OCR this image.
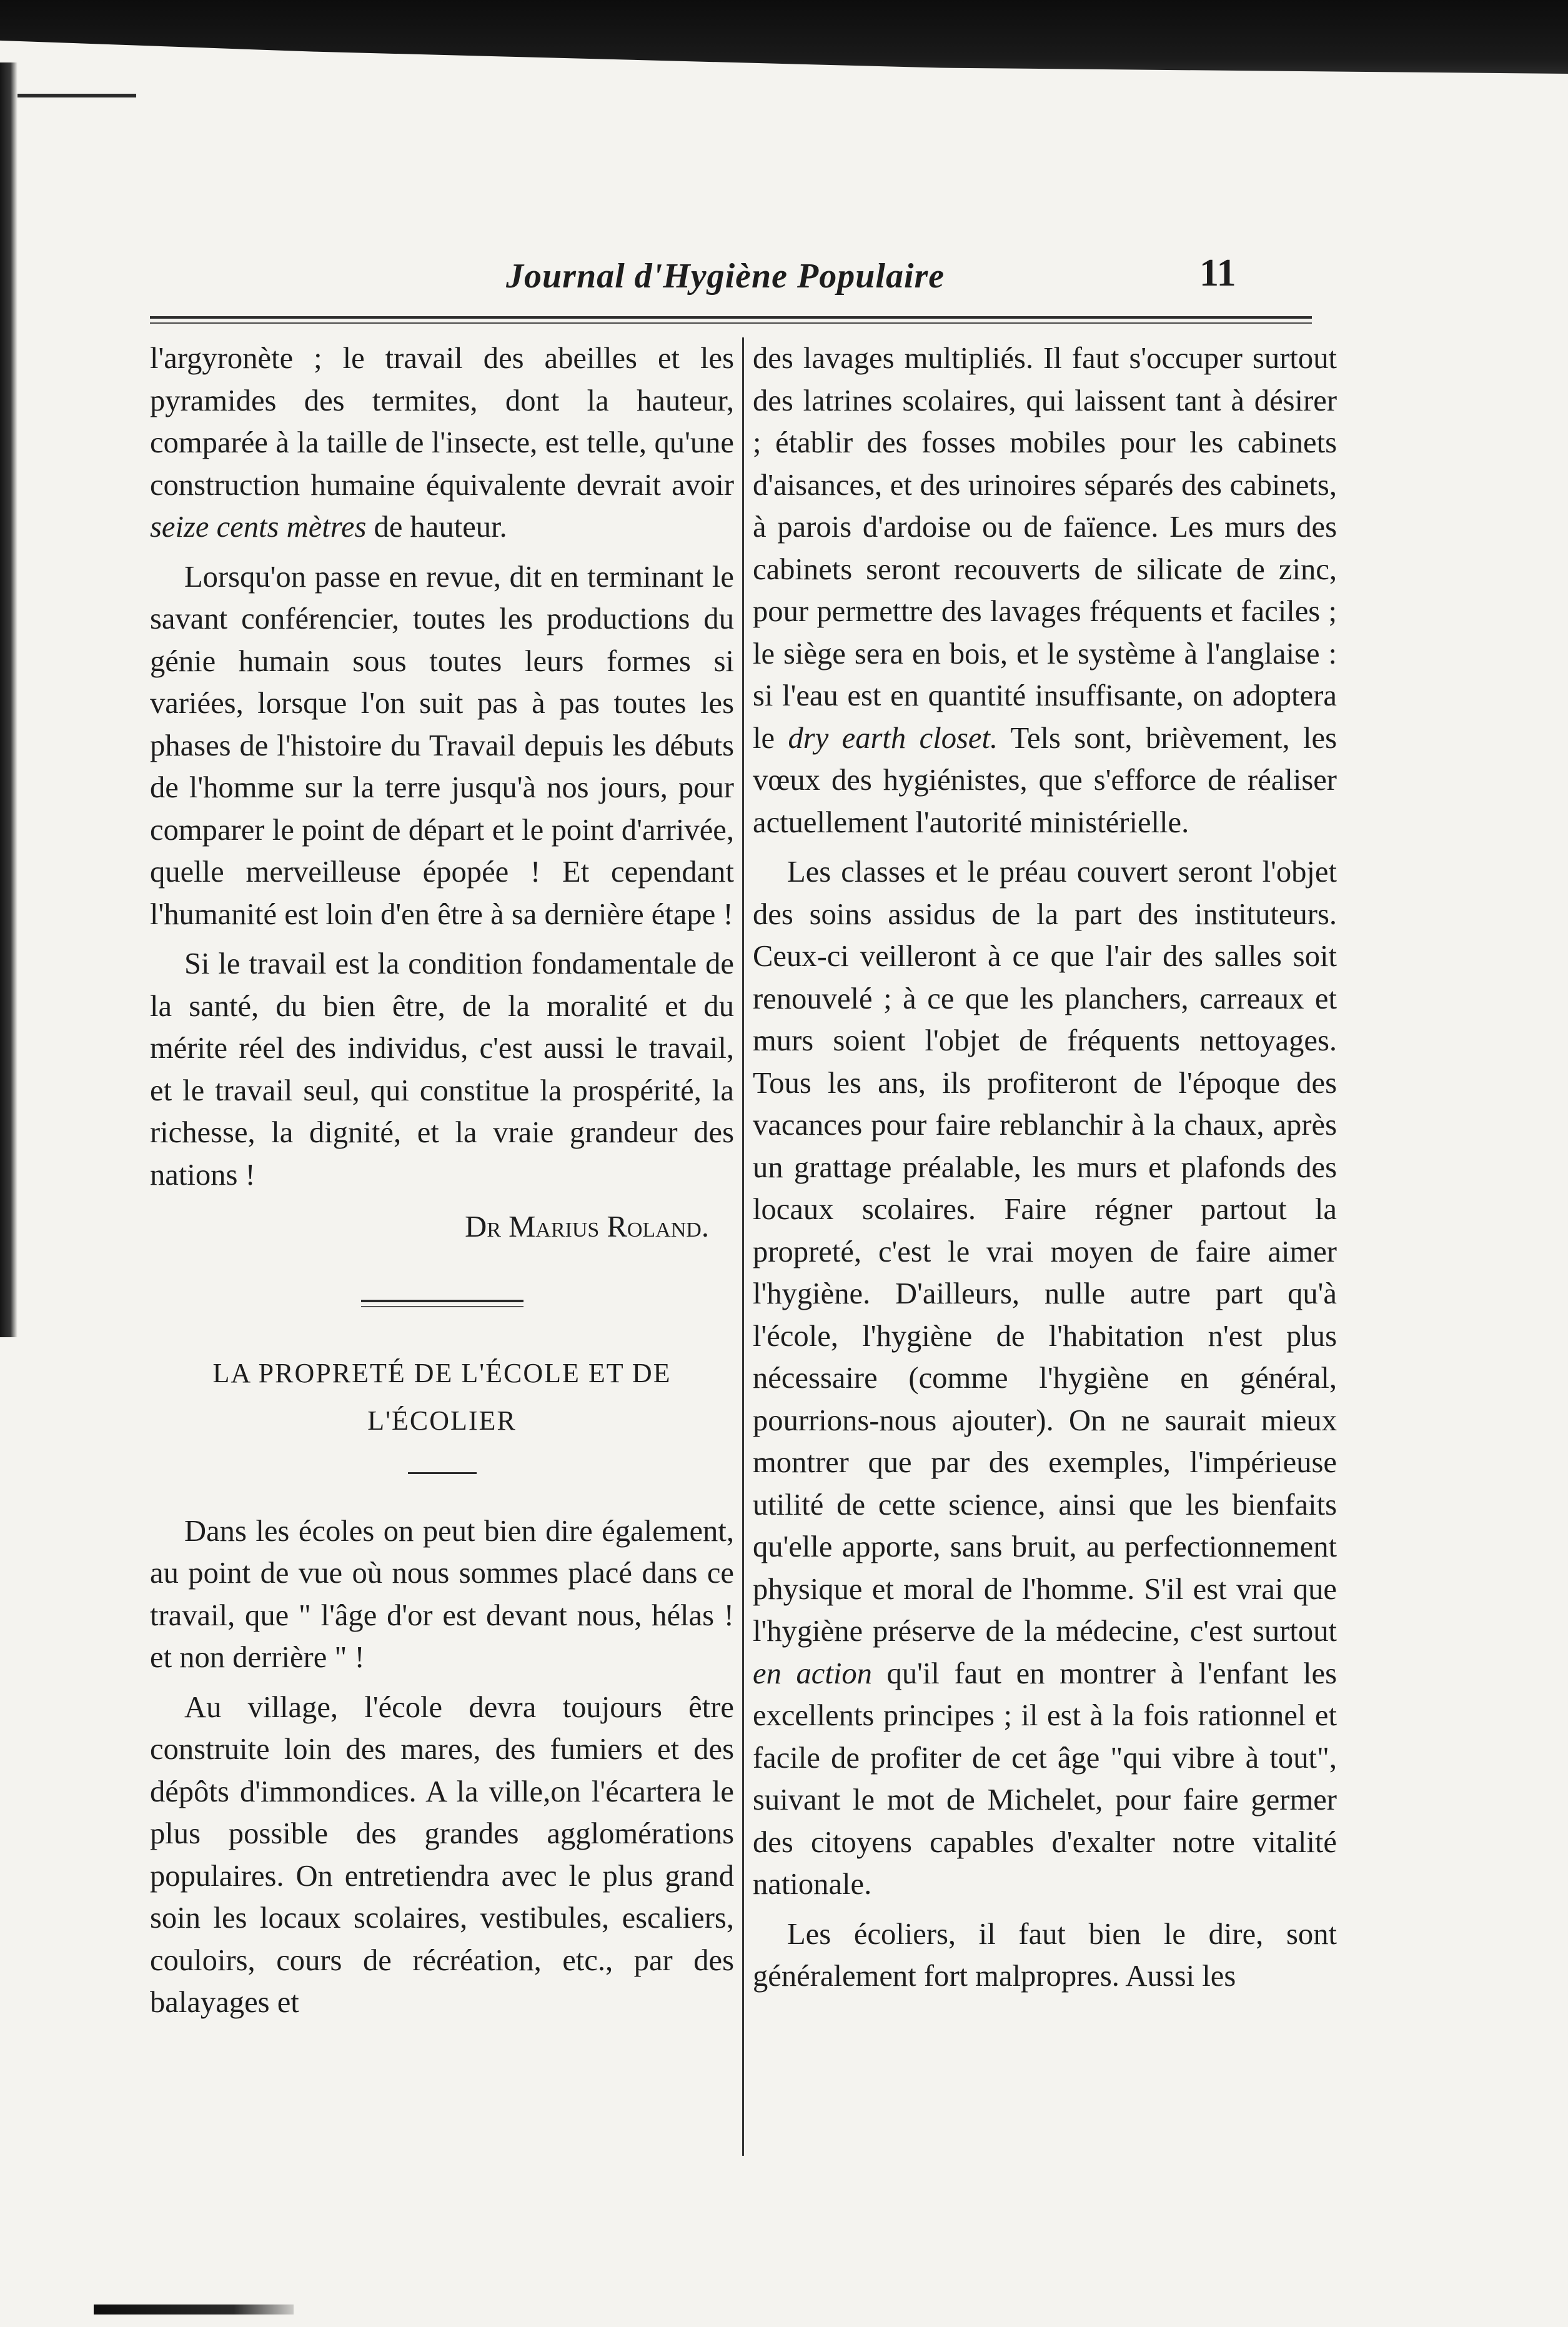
Journal d'Hygiène Populaire	11

l'argyronète ; le travail des abeilles et les pyramides des termites, dont la hauteur, comparée à la taille de l'insecte, est telle, qu'une construction humaine équivalente devrait avoir seize cents mètres de hauteur.

Lorsqu'on passe en revue, dit en terminant le savant conférencier, toutes les productions du génie humain sous toutes leurs formes si variées, lorsque l'on suit pas à pas toutes les phases de l'histoire du Travail depuis les débuts de l'homme sur la terre jusqu'à nos jours, pour comparer le point de départ et le point d'arrivée, quelle merveilleuse épopée ! Et cependant l'humanité est loin d'en être à sa dernière étape !

Si le travail est la condition fondamentale de la santé, du bien être, de la moralité et du mérite réel des individus, c'est aussi le travail, et le travail seul, qui constitue la prospérité, la richesse, la dignité, et la vraie grandeur des nations !

Dr Marius Roland.
LA PROPRETÉ DE L'ÉCOLE ET DE
L'ÉCOLIER

Dans les écoles on peut bien dire également, au point de vue où nous sommes placé dans ce travail, que " l'âge d'or est devant nous, hélas ! et non derrière " !

Au village, l'école devra toujours être construite loin des mares, des fumiers et des dépôts d'immondices. A la ville,on l'écartera le plus possible des grandes agglomérations populaires. On entretiendra avec le plus grand soin les locaux scolaires, vestibules, escaliers, couloirs, cours de récréation, etc., par des balayages et

des lavages multipliés. Il faut s'occuper surtout des latrines scolaires, qui laissent tant à désirer ; établir des fosses mobiles pour les cabinets d'aisances, et des urinoires séparés des cabinets, à parois d'ardoise ou de faïence. Les murs des cabinets seront recouverts de silicate de zinc, pour permettre des lavages fréquents et faciles ; le siège sera en bois, et le système à l'anglaise : si l'eau est en quantité insuffisante, on adoptera le dry earth closet. Tels sont, brièvement, les vœux des hygiénistes, que s'efforce de réaliser actuellement l'autorité ministérielle.

Les classes et le préau couvert seront l'objet des soins assidus de la part des instituteurs. Ceux-ci veilleront à ce que l'air des salles soit renouvelé ; à ce que les planchers, carreaux et murs soient l'objet de fréquents nettoyages. Tous les ans, ils profiteront de l'époque des vacances pour faire reblanchir à la chaux, après un grattage préalable, les murs et plafonds des locaux scolaires. Faire régner partout la propreté, c'est le vrai moyen de faire aimer l'hygiène. D'ailleurs, nulle autre part qu'à l'école, l'hygiène de l'habitation n'est plus nécessaire (comme l'hygiène en général, pourrions-nous ajouter). On ne saurait mieux montrer que par des exemples, l'impérieuse utilité de cette science, ainsi que les bienfaits qu'elle apporte, sans bruit, au perfectionnement physique et moral de l'homme. S'il est vrai que l'hygiène préserve de la médecine, c'est surtout en action qu'il faut en montrer à l'enfant les excellents principes ; il est à la fois rationnel et facile de profiter de cet âge "qui vibre à tout", suivant le mot de Michelet, pour faire germer des citoyens capables d'exalter notre vitalité nationale.

Les écoliers, il faut bien le dire, sont généralement fort malpropres. Aussi les
